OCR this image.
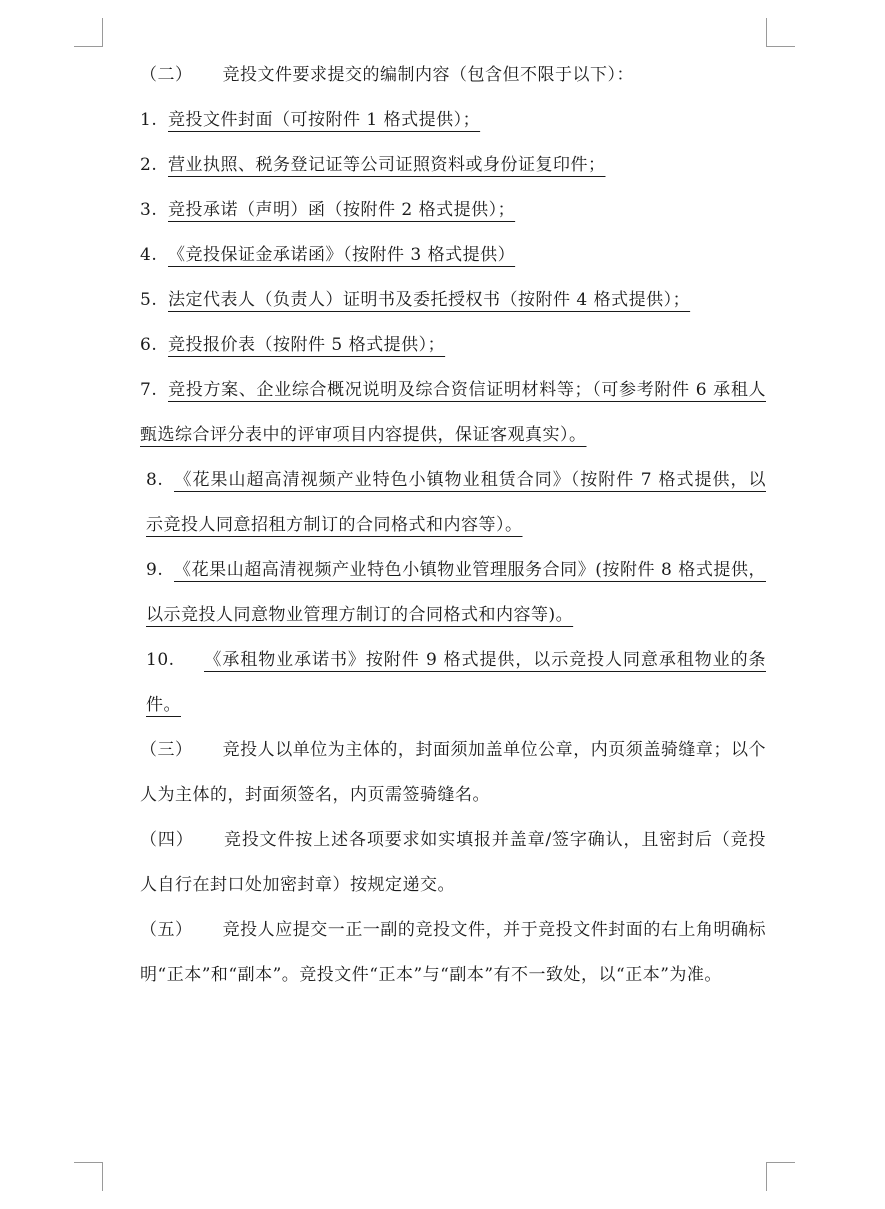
（二） 竞投文件要求提交的编制内容（包含但不限于以下）：
1. 竞投文件封面（可按附件 1 格式提供）；
2. 营业执照、税务登记证等公司证照资料或身份证复印件；
3. 竞投承诺（声明）函（按附件 2 格式提供）；
4. 《竞投保证金承诺函》（按附件 3 格式提供）
5. 法定代表人（负责人）证明书及委托授权书（按附件 4 格式提供）；
6. 竞投报价表（按附件 5 格式提供）；
7. 竞投方案、企业综合概况说明及综合资信证明材料等；（可参考附件 6 承租人甄选综合评分表中的评审项目内容提供，保证客观真实）。
8. 《花果山超高清视频产业特色小镇物业租赁合同》（按附件 7 格式提供，以示竞投人同意招租方制订的合同格式和内容等）。
9. 《花果山超高清视频产业特色小镇物业管理服务合同》(按附件 8 格式提供，以示竞投人同意物业管理方制订的合同格式和内容等)。
10. 《承租物业承诺书》按附件 9 格式提供，以示竞投人同意承租物业的条件。
（三） 竞投人以单位为主体的，封面须加盖单位公章，内页须盖骑缝章；以个人为主体的，封面须签名，内页需签骑缝名。
（四） 竞投文件按上述各项要求如实填报并盖章/签字确认，且密封后（竞投人自行在封口处加密封章）按规定递交。
（五） 竞投人应提交一正一副的竞投文件，并于竞投文件封面的右上角明确标明“正本”和“副本”。竞投文件“正本”与“副本”有不一致处，以“正本”为准。
